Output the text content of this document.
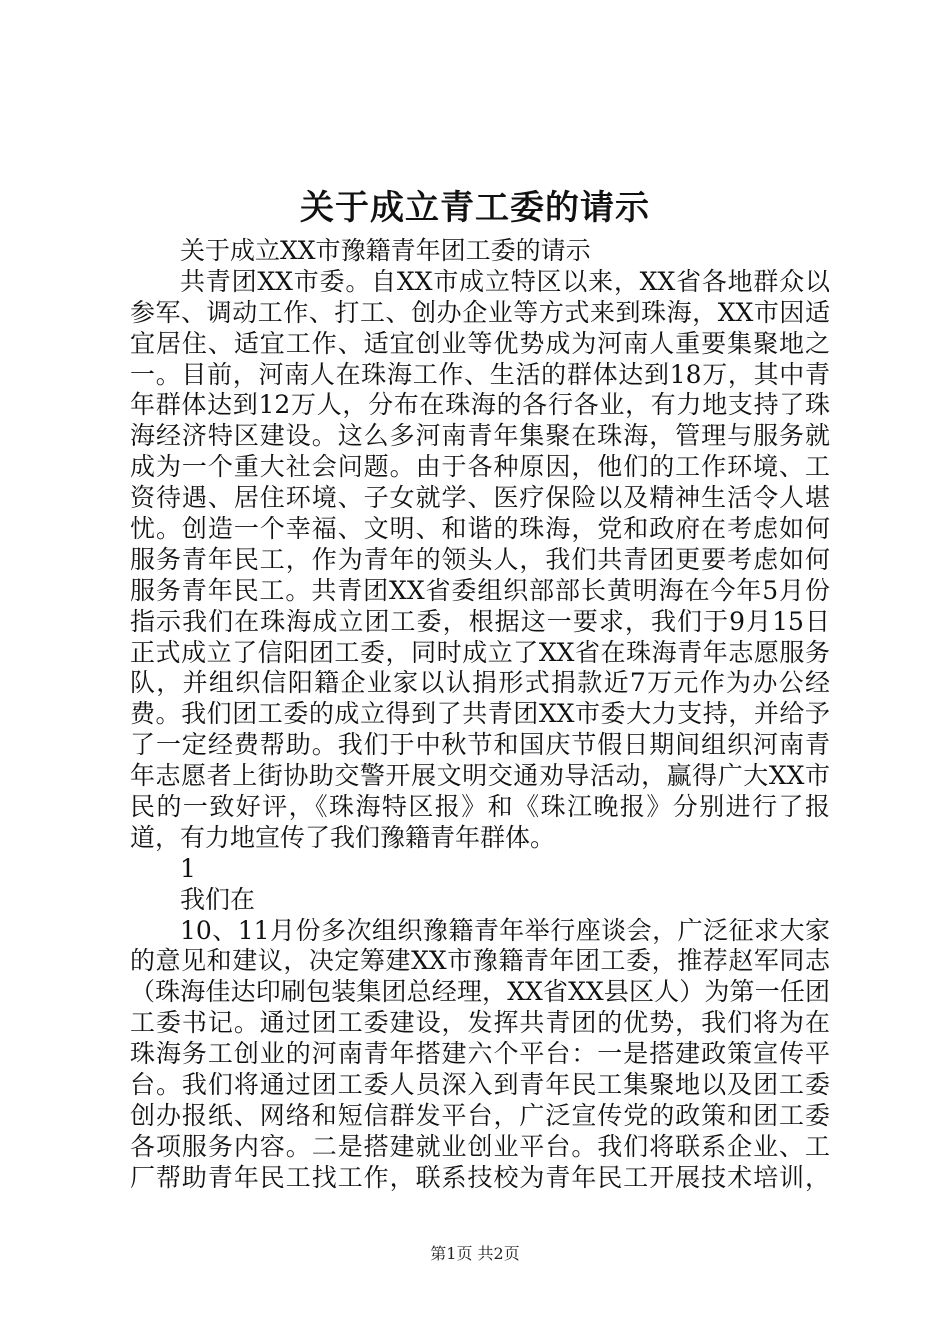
关于成立青工委的请示
关于成立XX市豫籍青年团工委的请示
共青团XX市委。自XX市成立特区以来，XX省各地群众以
参军、调动工作、打工、创办企业等方式来到珠海，XX市因适
宜居住、适宜工作、适宜创业等优势成为河南人重要集聚地之
一。目前，河南人在珠海工作、生活的群体达到18万，其中青
年群体达到12万人，分布在珠海的各行各业，有力地支持了珠
海经济特区建设。这么多河南青年集聚在珠海，管理与服务就
成为一个重大社会问题。由于各种原因，他们的工作环境、工
资待遇、居住环境、子女就学、医疗保险以及精神生活令人堪
忧。创造一个幸福、文明、和谐的珠海，党和政府在考虑如何
服务青年民工，作为青年的领头人，我们共青团更要考虑如何
服务青年民工。共青团XX省委组织部部长黄明海在今年5月份
指示我们在珠海成立团工委，根据这一要求，我们于9月15日
正式成立了信阳团工委，同时成立了XX省在珠海青年志愿服务
队，并组织信阳籍企业家以认捐形式捐款近7万元作为办公经
费。我们团工委的成立得到了共青团XX市委大力支持，并给予
了一定经费帮助。我们于中秋节和国庆节假日期间组织河南青
年志愿者上街协助交警开展文明交通劝导活动，赢得广大XX市
民的一致好评，《珠海特区报》和《珠江晚报》分别进行了报
道，有力地宣传了我们豫籍青年群体。
1
我们在
10、11月份多次组织豫籍青年举行座谈会，广泛征求大家
的意见和建议，决定筹建XX市豫籍青年团工委，推荐赵军同志
（珠海佳达印刷包装集团总经理，XX省XX县区人）为第一任团
工委书记。通过团工委建设，发挥共青团的优势，我们将为在
珠海务工创业的河南青年搭建六个平台：一是搭建政策宣传平
台。我们将通过团工委人员深入到青年民工集聚地以及团工委
创办报纸、网络和短信群发平台，广泛宣传党的政策和团工委
各项服务内容。二是搭建就业创业平台。我们将联系企业、工
厂帮助青年民工找工作，联系技校为青年民工开展技术培训，
第1页 共2页
